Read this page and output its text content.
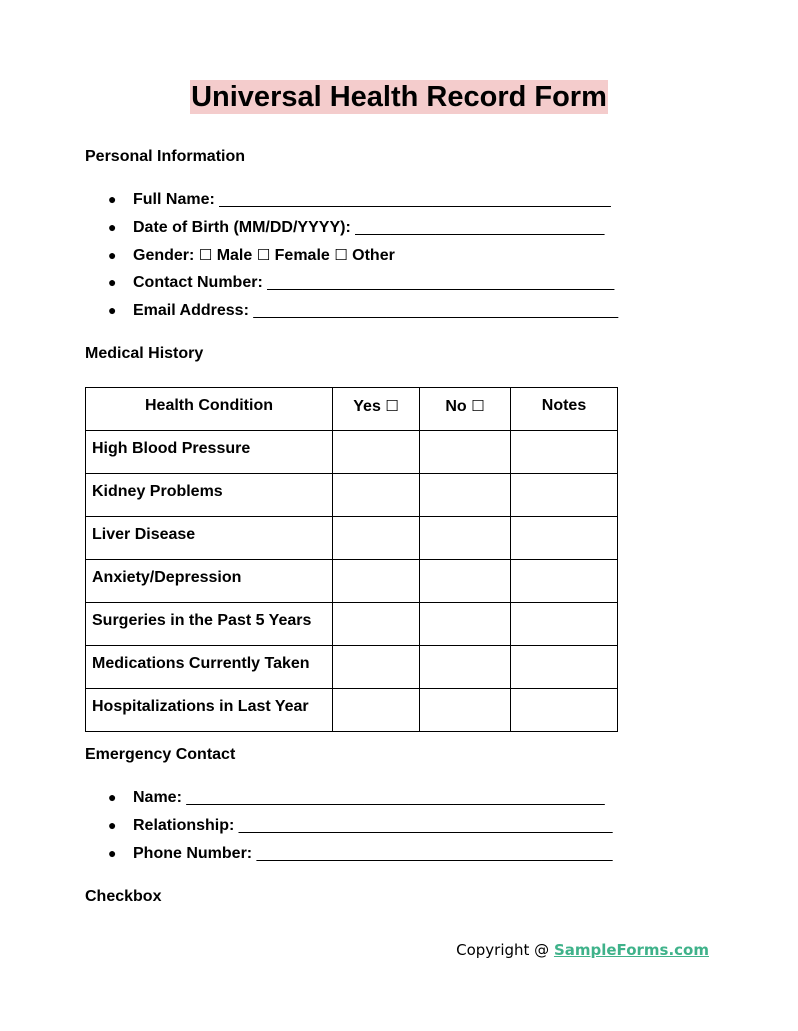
Universal Health Record Form
Personal Information
● Full Name: ____________________________________________
● Date of Birth (MM/DD/YYYY): ____________________________
● Gender: ☐ Male ☐ Female ☐ Other
● Contact Number: _______________________________________
● Email Address: _________________________________________
Medical History
Health Condition	Yes ☐	No ☐	Notes
High Blood Pressure			
Kidney Problems			
Liver Disease			
Anxiety/Depression			
Surgeries in the Past 5 Years			
Medications Currently Taken			
Hospitalizations in Last Year			
Emergency Contact
● Name: _______________________________________________
● Relationship: __________________________________________
● Phone Number: ________________________________________
Checkbox
Copyright @ SampleForms.com
